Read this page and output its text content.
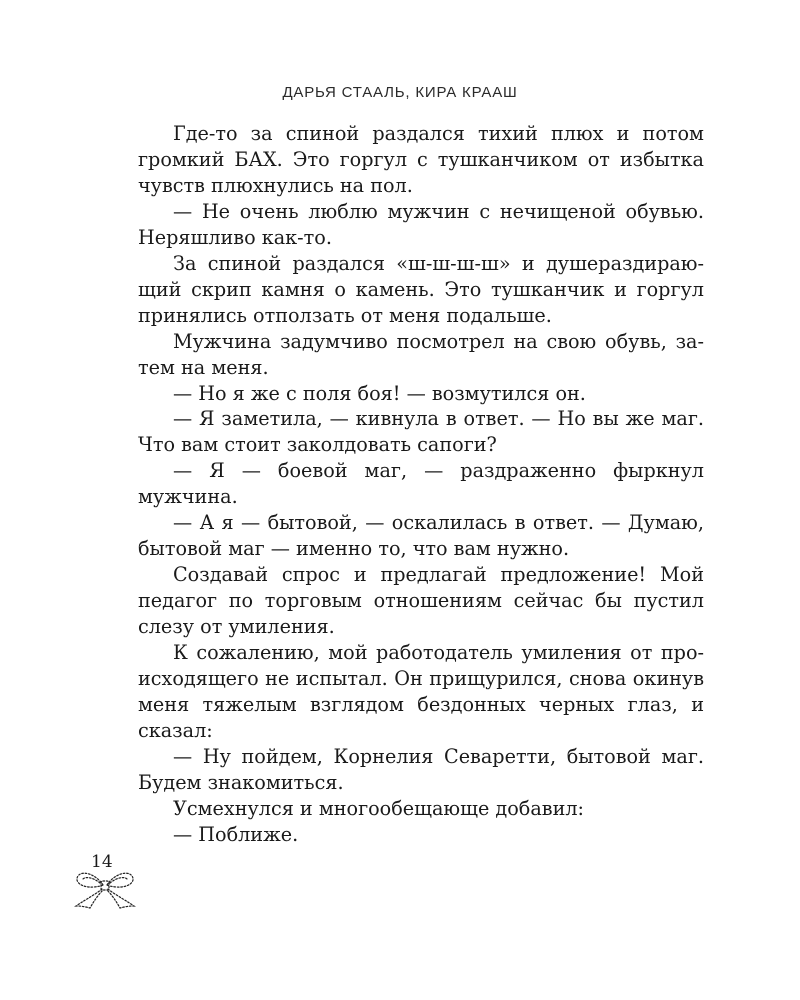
ДАРЬЯ СТААЛЬ, КИРА КРААШ

Где-то за спиной раздался тихий плюх и потом громкий БАХ. Это горгул с тушканчиком от избытка чувств плюхнулись на пол.

— Не очень люблю мужчин с нечищеной обувью. Неряшливо как-то.

За спиной раздался «ш-ш-ш-ш» и душераздирающий скрип камня о камень. Это тушканчик и горгул принялись отползать от меня подальше.

Мужчина задумчиво посмотрел на свою обувь, затем на меня.

— Но я же с поля боя! — возмутился он.

— Я заметила, — кивнула в ответ. — Но вы же маг. Что вам стоит заколдовать сапоги?

— Я — боевой маг, — раздраженно фыркнул мужчина.

— А я — бытовой, — оскалилась в ответ. — Думаю, бытовой маг — именно то, что вам нужно.

Создавай спрос и предлагай предложение! Мой педагог по торговым отношениям сейчас бы пустил слезу от умиления.

К сожалению, мой работодатель умиления от происходящего не испытал. Он прищурился, снова окинув меня тяжелым взглядом бездонных черных глаз, и сказал:

— Ну пойдем, Корнелия Севаретти, бытовой маг. Будем знакомиться.

Усмехнулся и многообещающе добавил:

— Поближе.

14
